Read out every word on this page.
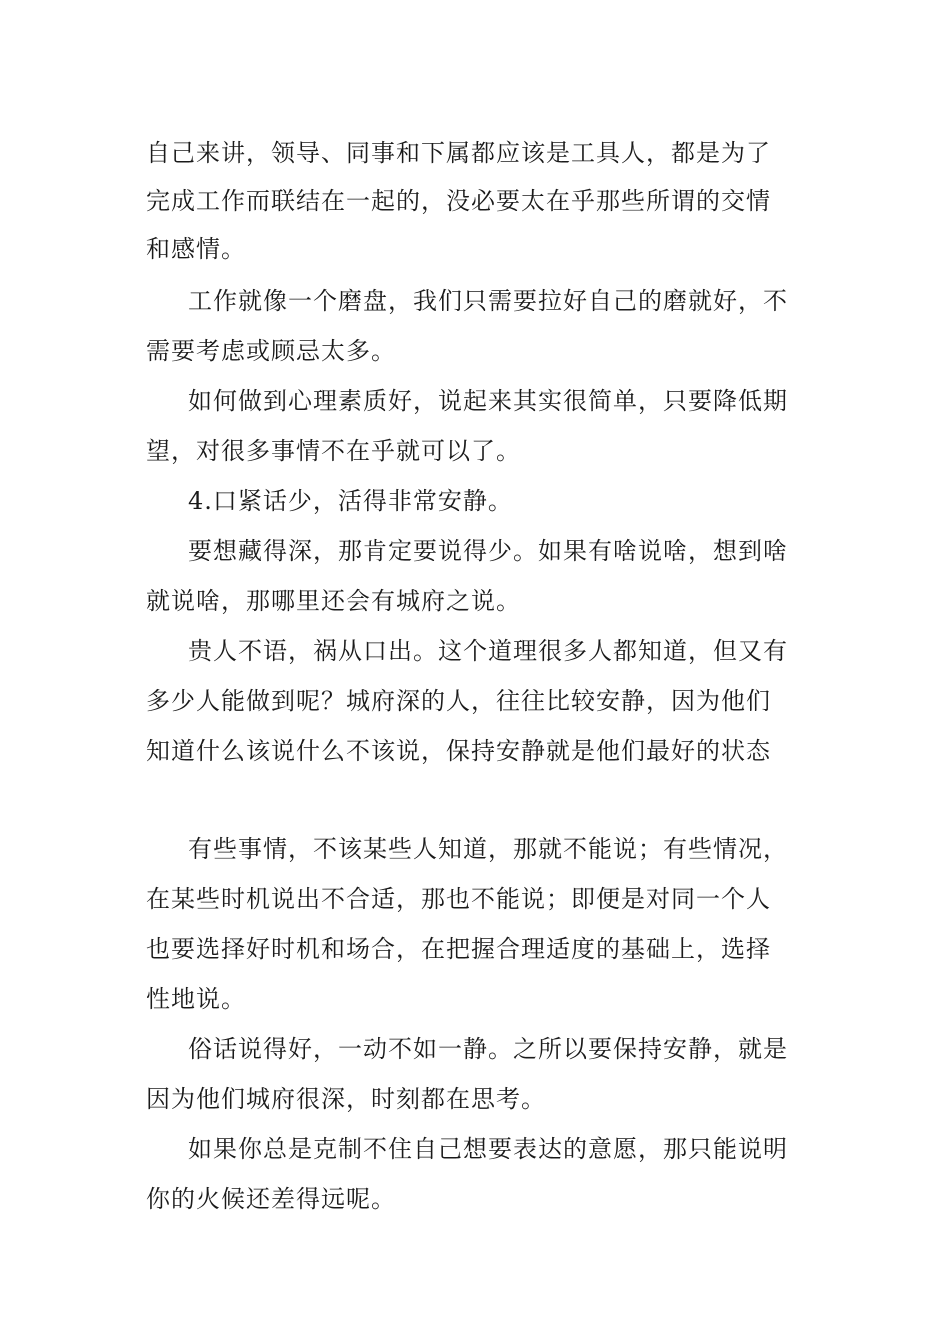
自己来讲，领导、同事和下属都应该是工具人，都是为了
完成工作而联结在一起的，没必要太在乎那些所谓的交情
和感情。
工作就像一个磨盘，我们只需要拉好自己的磨就好，不
需要考虑或顾忌太多。
如何做到心理素质好，说起来其实很简单，只要降低期
望，对很多事情不在乎就可以了。
4.口紧话少，活得非常安静。
要想藏得深，那肯定要说得少。如果有啥说啥，想到啥
就说啥，那哪里还会有城府之说。
贵人不语，祸从口出。这个道理很多人都知道，但又有
多少人能做到呢？城府深的人，往往比较安静，因为他们
知道什么该说什么不该说，保持安静就是他们最好的状态
有些事情，不该某些人知道，那就不能说；有些情况，
在某些时机说出不合适，那也不能说；即便是对同一个人
也要选择好时机和场合，在把握合理适度的基础上，选择
性地说。
俗话说得好，一动不如一静。之所以要保持安静，就是
因为他们城府很深，时刻都在思考。
如果你总是克制不住自己想要表达的意愿，那只能说明
你的火候还差得远呢。
